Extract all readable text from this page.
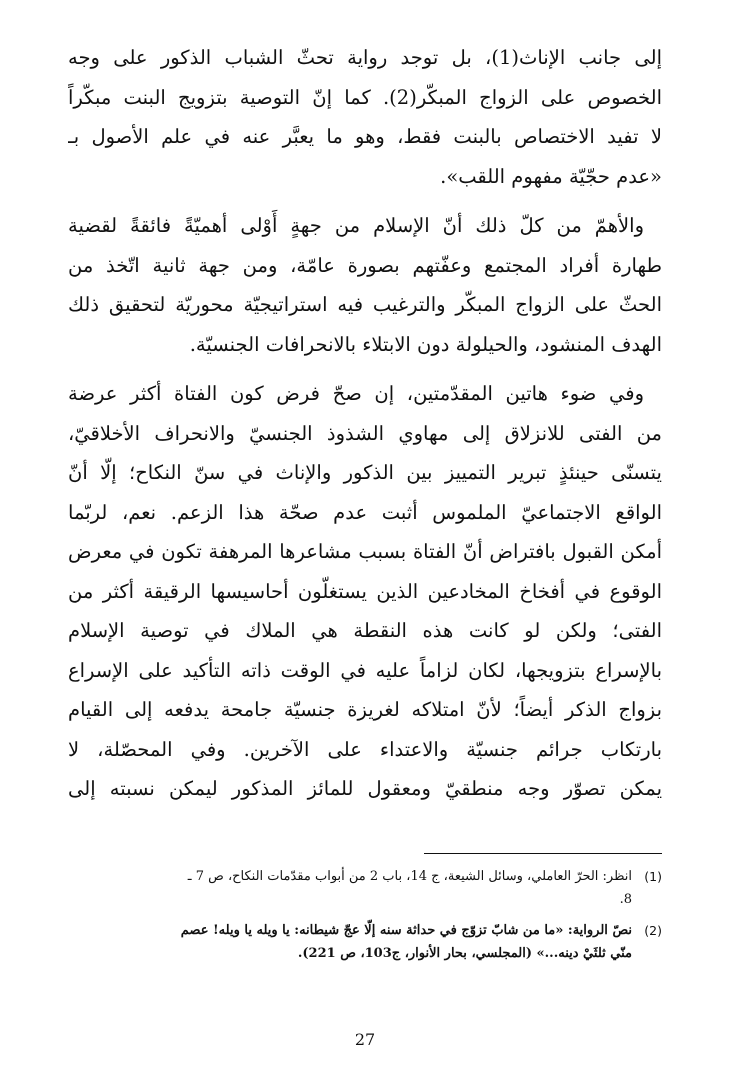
إلى جانب الإناث(1)، بل توجد رواية تحثّ الشباب الذكور على وجه
الخصوص على الزواج المبكّر(2). كما إنّ التوصية بتزويج البنت مبكّراً
لا تفيد الاختصاص بالبنت فقط، وهو ما يعبَّر عنه في علم الأصول بـ
«عدم حجّيّة مفهوم اللقب».
والأهمّ من كلّ ذلك أنّ الإسلام من جهةٍ أَوْلى أهميّةً فائقةً لقضية
طهارة أفراد المجتمع وعفّتهم بصورة عامّة، ومن جهة ثانية اتّخذ من
الحثّ على الزواج المبكّر والترغيب فيه استراتيجيّة محوريّة لتحقيق ذلك
الهدف المنشود، والحيلولة دون الابتلاء بالانحرافات الجنسيّة.
وفي ضوء هاتين المقدّمتين، إن صحّ فرض كون الفتاة أكثر عرضة
من الفتى للانزلاق إلى مهاوي الشذوذ الجنسيّ والانحراف الأخلاقيّ،
يتسنّى حينئذٍ تبرير التمييز بين الذكور والإناث في سنّ النكاح؛ إلّا أنّ
الواقع الاجتماعيّ الملموس أثبت عدم صحّة هذا الزعم. نعم، لربّما
أمكن القبول بافتراض أنّ الفتاة بسبب مشاعرها المرهفة تكون في معرض
الوقوع في أفخاخ المخادعين الذين يستغلّون أحاسيسها الرقيقة أكثر من
الفتى؛ ولكن لو كانت هذه النقطة هي الملاك في توصية الإسلام
بالإسراع بتزويجها، لكان لزاماً عليه في الوقت ذاته التأكيد على الإسراع
بزواج الذكر أيضاً؛ لأنّ امتلاكه لغريزة جنسيّة جامحة يدفعه إلى القيام
بارتكاب جرائم جنسيّة والاعتداء على الآخرين. وفي المحصّلة، لا
يمكن تصوّر وجه منطقيّ ومعقول للمائز المذكور ليمكن نسبته إلى
(1)
انظر: الحرّ العاملي، وسائل الشيعة، ج 14، باب 2 من أبواب مقدّمات النكاح، ص 7 ـ
8.
(2)
نصّ الرواية: «ما من شابّ تزوّج في حداثة سنه إلّا عجّ شيطانه: يا ويله يا ويله! عصم
منّي ثلثَيْ دينه...» (المجلسي، بحار الأنوار، ج103، ص 221).
27
